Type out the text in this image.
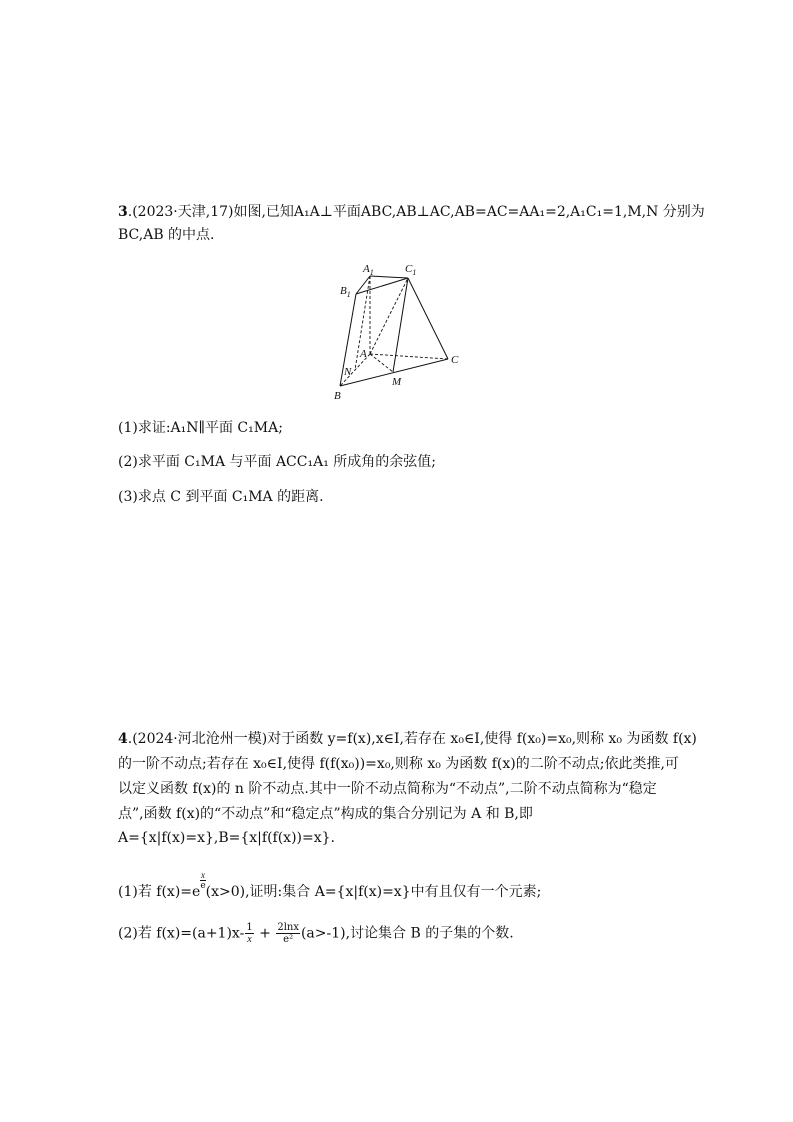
3.(2023·天津,17)如图,已知A₁A⊥平面ABC,AB⊥AC,AB=AC=AA₁=2,A₁C₁=1,M,N 分别为
BC,AB 的中点.
$A_1$	$C_1$
$B_1$
A	C
N
M
B
(1)求证:A₁N∥平面 C₁MA;
(2)求平面 C₁MA 与平面 ACC₁A₁ 所成角的余弦值;
(3)求点 C 到平面 C₁MA 的距离.
4.(2024·河北沧州一模)对于函数 y=f(x),x∈I,若存在 x₀∈I,使得 f(x₀)=x₀,则称 x₀ 为函数 f(x)
的一阶不动点;若存在 x₀∈I,使得 f(f(x₀))=x₀,则称 x₀ 为函数 f(x)的二阶不动点;依此类推,可
以定义函数 f(x)的 n 阶不动点.其中一阶不动点简称为“不动点”,二阶不动点简称为“稳定
点”,函数 f(x)的“不动点”和“稳定点”构成的集合分别记为 A 和 B,即
A={x|f(x)=x},B={x|f(f(x))=x}.
(1)若 f(x)=e
$\frac{x}{e}(x>0)$,证明:集合 A={x|f(x)=x}中有且仅有一个元素;
(2)若 $f(x)=(a+1)x- \frac{1}{x} + \frac{2\ln x}{\text{e²}} (a>-1)$,讨论集合 B 的子集的个数.
